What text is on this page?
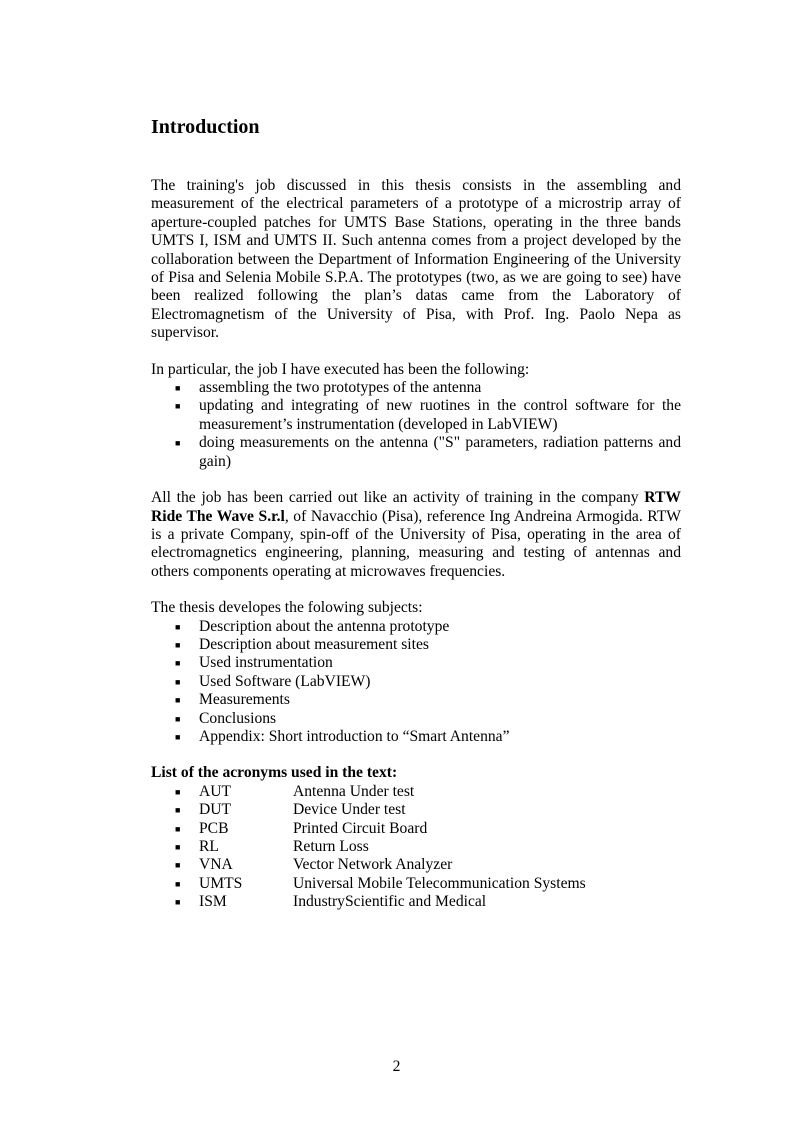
Introduction

The training's job discussed in this thesis consists in the assembling and measurement of the electrical parameters of a prototype of a microstrip array of aperture-coupled patches for UMTS Base Stations, operating in the three bands UMTS I, ISM and UMTS II. Such antenna comes from a project developed by the collaboration between the Department of Information Engineering of the University of Pisa and Selenia Mobile S.P.A. The prototypes (two, as we are going to see) have been realized following the plan’s datas came from the Laboratory of Electromagnetism of the University of Pisa, with Prof. Ing. Paolo Nepa as supervisor.

In particular, the job I have executed has been the following:

■ assembling the two prototypes of the antenna
■ updating and integrating of new ruotines in the control software for the measurement’s instrumentation (developed in LabVIEW)
■ doing measurements on the antenna ("S" parameters, radiation patterns and gain)

All the job has been carried out like an activity of training in the company RTW Ride The Wave S.r.l, of Navacchio (Pisa), reference Ing Andreina Armogida. RTW is a private Company, spin-off of the University of Pisa, operating in the area of electromagnetics engineering, planning, measuring and testing of antennas and others components operating at microwaves frequencies.

The thesis developes the folowing subjects:

■ Description about the antenna prototype
■ Description about measurement sites
■ Used instrumentation
■ Used Software (LabVIEW)
■ Measurements
■ Conclusions
■ Appendix: Short introduction to “Smart Antenna”

List of the acronyms used in the text:

■ AUT	Antenna Under test
■ DUT	Device Under test
■ PCB	Printed Circuit Board
■ RL	Return Loss
■ VNA	Vector Network Analyzer
■ UMTS	Universal Mobile Telecommunication Systems
■ ISM	IndustryScientific and Medical
2
